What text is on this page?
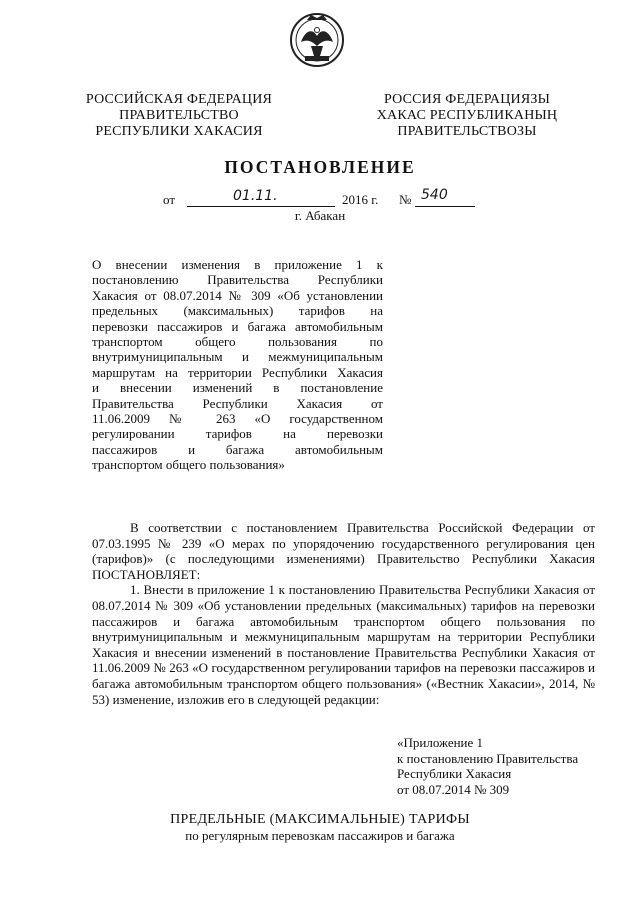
РОССИЙСКАЯ ФЕДЕРАЦИЯ
ПРАВИТЕЛЬСТВО
РЕСПУБЛИКИ ХАКАСИЯ
РОССИЯ ФЕДЕРАЦИЯЗЫ
ХАКАС РЕСПУБЛИКАНЫҢ
ПРАВИТЕЛЬСТВОЗЫ
ПОСТАНОВЛЕНИЕ
от	01.11.	2016 г. № 540
г. Абакан
О внесении изменения в приложение 1 к
постановлению Правительства Республики
Хакасия от 08.07.2014 № 309 «Об установлении
предельных (максимальных) тарифов на
перевозки пассажиров и багажа автомобильным
транспортом общего пользования по
внутримуниципальным и межмуниципальным
маршрутам на территории Республики Хакасия
и внесении изменений в постановление
Правительства Республики Хакасия от
11.06.2009 № 263 «О государственном
регулировании тарифов на перевозки
пассажиров и багажа автомобильным
транспортом общего пользования»

В соответствии с постановлением Правительства Российской Федерации от 07.03.1995 № 239 «О мерах по упорядочению государственного регулирования цен (тарифов)» (с последующими изменениями) Правительство Республики Хакасия ПОСТАНОВЛЯЕТ:

1. Внести в приложение 1 к постановлению Правительства Республики Хакасия от 08.07.2014 № 309 «Об установлении предельных (максимальных) тарифов на перевозки пассажиров и багажа автомобильным транспортом общего пользования по внутримуниципальным и межмуниципальным маршрутам на территории Республики Хакасия и внесении изменений в постановление Правительства Республики Хакасия от 11.06.2009 № 263 «О государственном регулировании тарифов на перевозки пассажиров и багажа автомобильным транспортом общего пользования» («Вестник Хакасии», 2014, № 53) изменение, изложив его в следующей редакции:

«Приложение 1
к постановлению Правительства
Республики Хакасия
от 08.07.2014 № 309
ПРЕДЕЛЬНЫЕ (МАКСИМАЛЬНЫЕ) ТАРИФЫ
по регулярным перевозкам пассажиров и багажа
